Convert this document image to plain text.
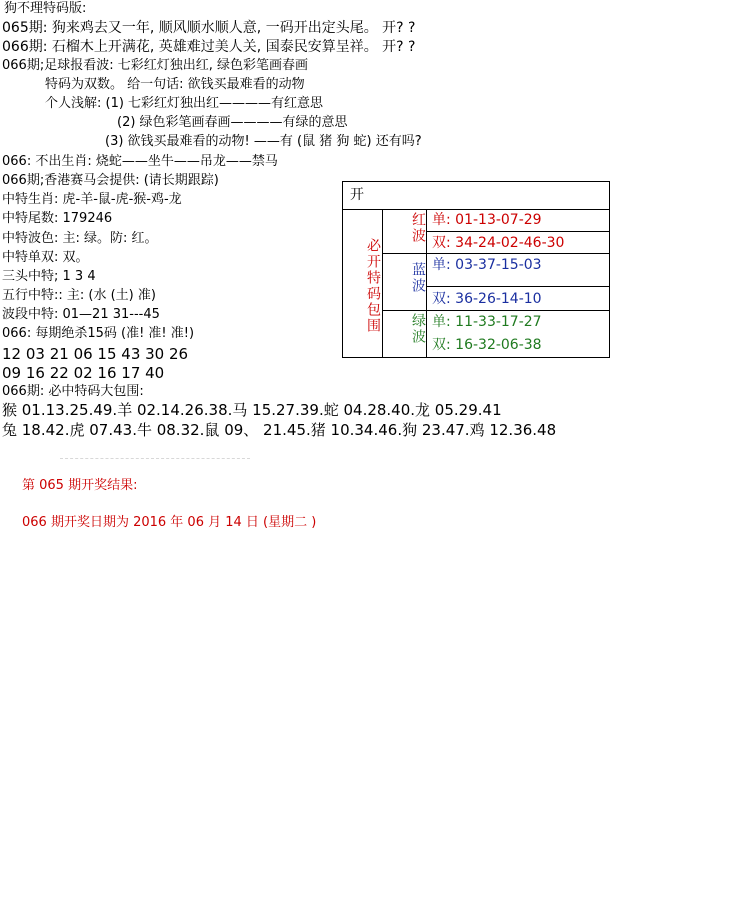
狗不理特码版:
065期: 狗来鸡去又一年, 顺风顺水顺人意, 一码开出定头尾。 开? ?
066期: 石榴木上开满花, 英雄难过美人关, 国泰民安算呈祥。 开? ?
066期;足球报看波: 七彩红灯独出红, 绿色彩笔画春画
特码为双数。 给一句话: 欲钱买最难看的动物
个人浅解: (1) 七彩红灯独出红————有红意思
(2) 绿色彩笔画春画————有绿的意思
(3) 欲钱买最难看的动物! ——有 (鼠 猪 狗 蛇) 还有吗?
066: 不出生肖: 烧蛇——坐牛——吊龙——禁马
066期;香港赛马会提供: (请长期跟踪)
中特生肖: 虎-羊-鼠-虎-猴-鸡-龙
中特尾数: 179246
中特波色: 主: 绿。防: 红。
中特单双: 双。
三头中特; 1 3 4
五行中特:: 主: (水 (土) 准)
波段中特: 01—21 31---45
066: 每期绝杀15码 (准! 准! 准!)
12 03 21 06 15 43 30 26
09 16 22 02 16 17 40
066期: 必中特码大包围:
猴 01.13.25.49.羊 02.14.26.38.马 15.27.39.蛇 04.28.40.龙 05.29.41
兔 18.42.虎 07.43.牛 08.32.鼠 09、 21.45.猪 10.34.46.狗 23.47.鸡 12.36.48
第 065 期开奖结果:
066 期开奖日期为 2016 年 06 月 14 日 (星期二 )
开
必开特码包围
红波 单: 01-13-07-29
双: 34-24-02-46-30
蓝波 单: 03-37-15-03
双: 36-26-14-10
绿波 单: 11-33-17-27
双: 16-32-06-38
